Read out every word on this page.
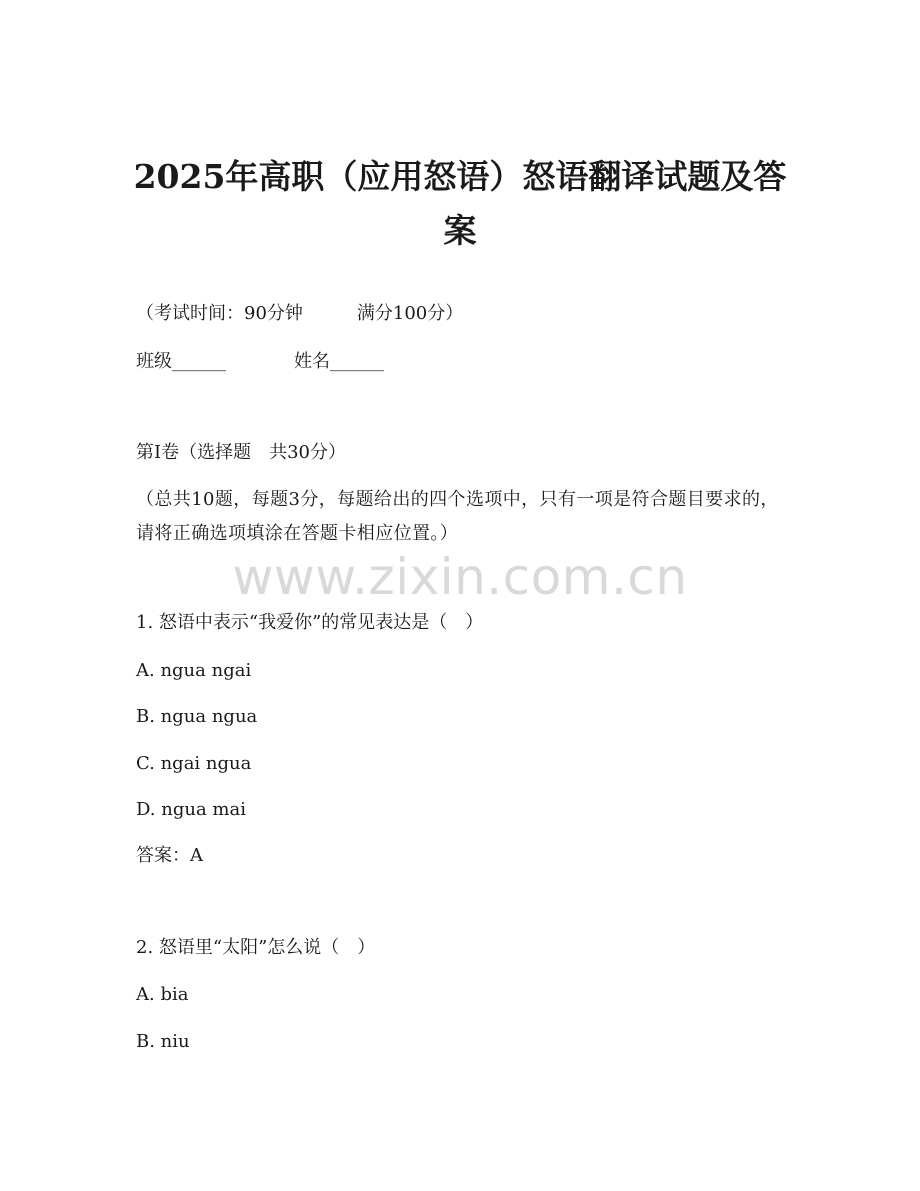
2025年高职（应用怒语）怒语翻译试题及答案
（考试时间：90分钟　　　满分100分）
班级______	姓名______
第I卷（选择题　共30分）
（总共10题，每题3分，每题给出的四个选项中，只有一项是符合题目要求的，请将正确选项填涂在答题卡相应位置。）
www.zixin.com.cn
1. 怒语中表示“我爱你”的常见表达是（　）
A. ngua ngai
B. ngua ngua
C. ngai ngua
D. ngua mai
答案：A
2. 怒语里“太阳”怎么说（　）
A. bia
B. niu
